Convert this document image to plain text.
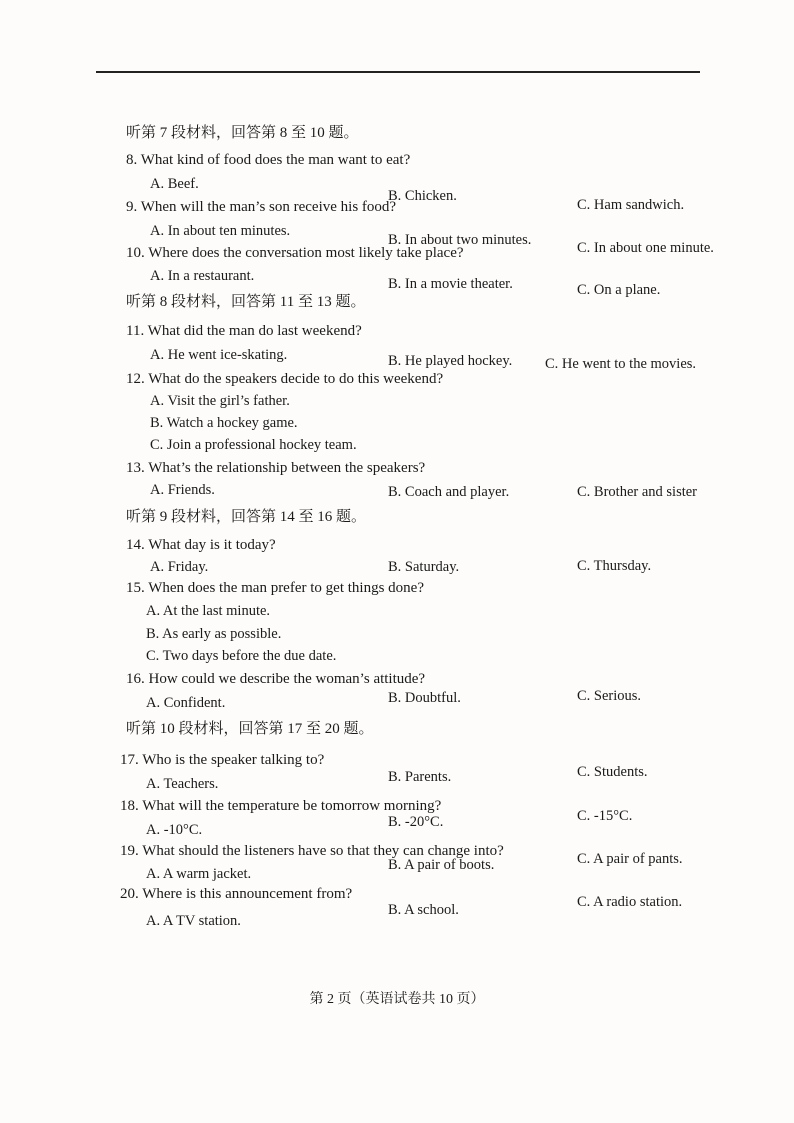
听第 7 段材料，回答第 8 至 10 题。
8. What kind of food does the man want to eat?
A. Beef.
B. Chicken.
C. Ham sandwich.
9. When will the man’s son receive his food?
A. In about ten minutes.
B. In about two minutes.	C. In about one minute.
10. Where does the conversation most likely take place?
A. In a restaurant.	B. In a movie theater.	C. On a plane.
听第 8 段材料，回答第 11 至 13 题。
11. What did the man do last weekend?
A. He went ice-skating.	B. He played hockey. C. He went to the movies.
12. What do the speakers decide to do this weekend?
A. Visit the girl’s father.
B. Watch a hockey game.
C. Join a professional hockey team.
13. What’s the relationship between the speakers?
A. Friends.	B. Coach and player.	C. Brother and sister
听第 9 段材料，回答第 14 至 16 题。
14. What day is it today?
A. Friday.	B. Saturday.	C. Thursday.
15. When does the man prefer to get things done?
A. At the last minute.
B. As early as possible.
C. Two days before the due date.
16. How could we describe the woman’s attitude?
A. Confident.	B. Doubtful.	C. Serious.
听第 10 段材料，回答第 17 至 20 题。
17. Who is the speaker talking to?
A. Teachers.	B. Parents.	C. Students.
18. What will the temperature be tomorrow morning?
A. -10°C.	B. -20°C.	C. -15°C.
19. What should the listeners have so that they can change into?
A. A warm jacket.
B. A pair of boots.	C. A pair of pants.
20. Where is this announcement from?
A. A TV station.
B. A school.	C. A radio station.
第 2 页（英语试卷共 10 页）
